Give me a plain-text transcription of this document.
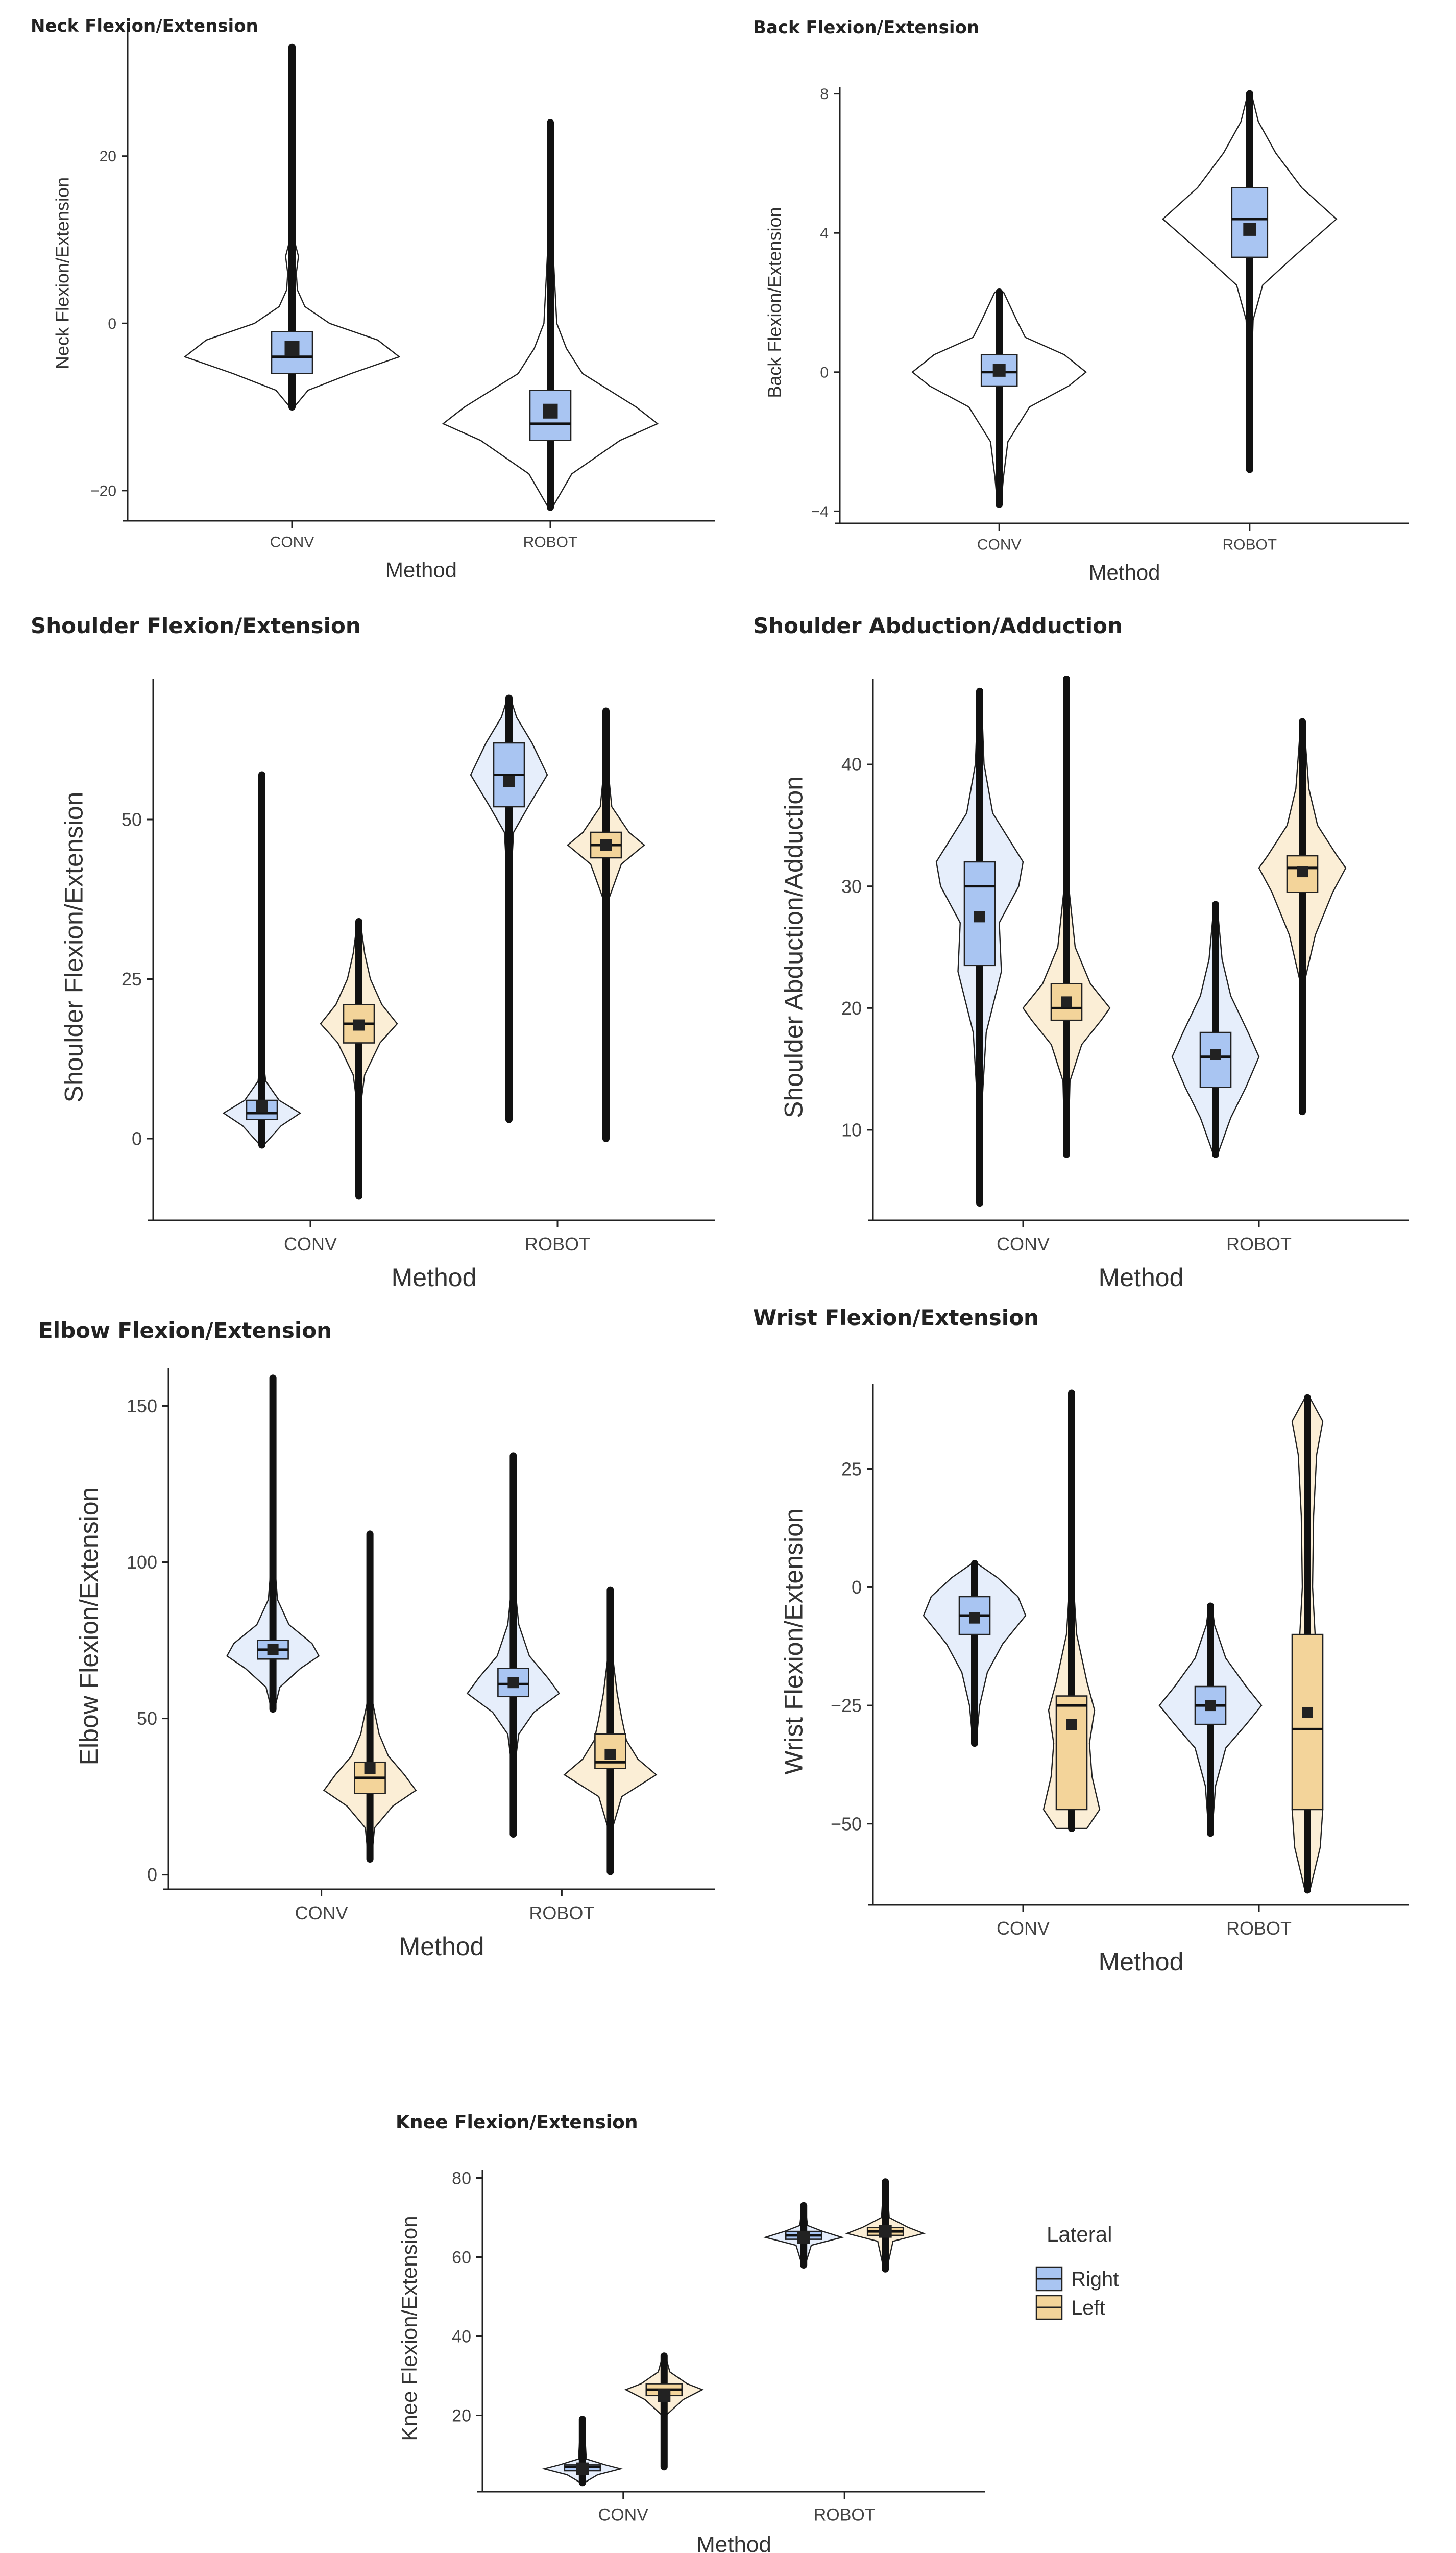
Neck Flexion/Extension
−20
0
20
CONV	ROBOT
Method
Neck Flexion/Extension
Back Flexion/Extension
−4
0
4
8
CONV	ROBOT
Method
Back Flexion/Extension
Shoulder Flexion/Extension
0
25
50
CONV	ROBOT
Method
Shoulder Flexion/Extension
Shoulder Abduction/Adduction
10
20
30
40
CONV	ROBOT
Method
Shoulder Abduction/Adduction
Elbow Flexion/Extension
0
50
100
150
CONV	ROBOT
Method
Elbow Flexion/Extension
Wrist Flexion/Extension
−50
−25
0
25
CONV	ROBOT
Method
Wrist Flexion/Extension
Knee Flexion/Extension
20
40
60
80
CONV	ROBOT
Method
Knee Flexion/Extension	Lateral
Right
Left
